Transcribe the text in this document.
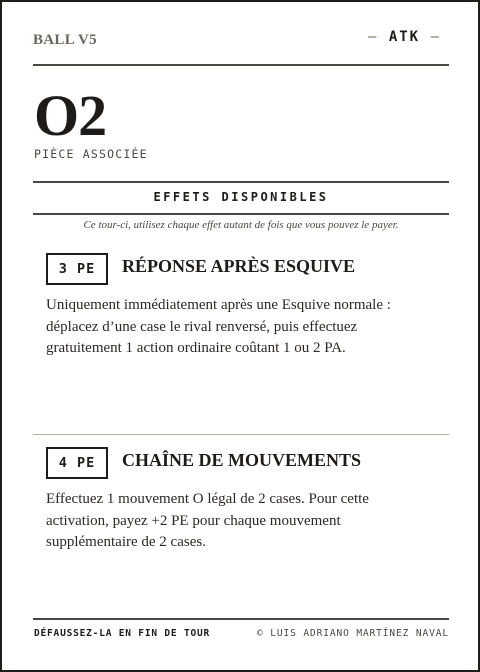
BALL V5	— ATK —
O2
PIÈCE ASSOCIÉE
EFFETS DISPONIBLES
Ce tour-ci, utilisez chaque effet autant de fois que vous pouvez le payer.
3 PE	RÉPONSE APRÈS ESQUIVE
Uniquement immédiatement après une Esquive normale : déplacez d’une case le rival renversé, puis effectuez gratuitement 1 action ordinaire coûtant 1 ou 2 PA.
4 PE	CHAÎNE DE MOUVEMENTS
Effectuez 1 mouvement O légal de 2 cases. Pour cette activation, payez +2 PE pour chaque mouvement supplémentaire de 2 cases.
DÉFAUSSEZ-LA EN FIN DE TOUR	© LUIS ADRIANO MARTÍNEZ NAVAL
